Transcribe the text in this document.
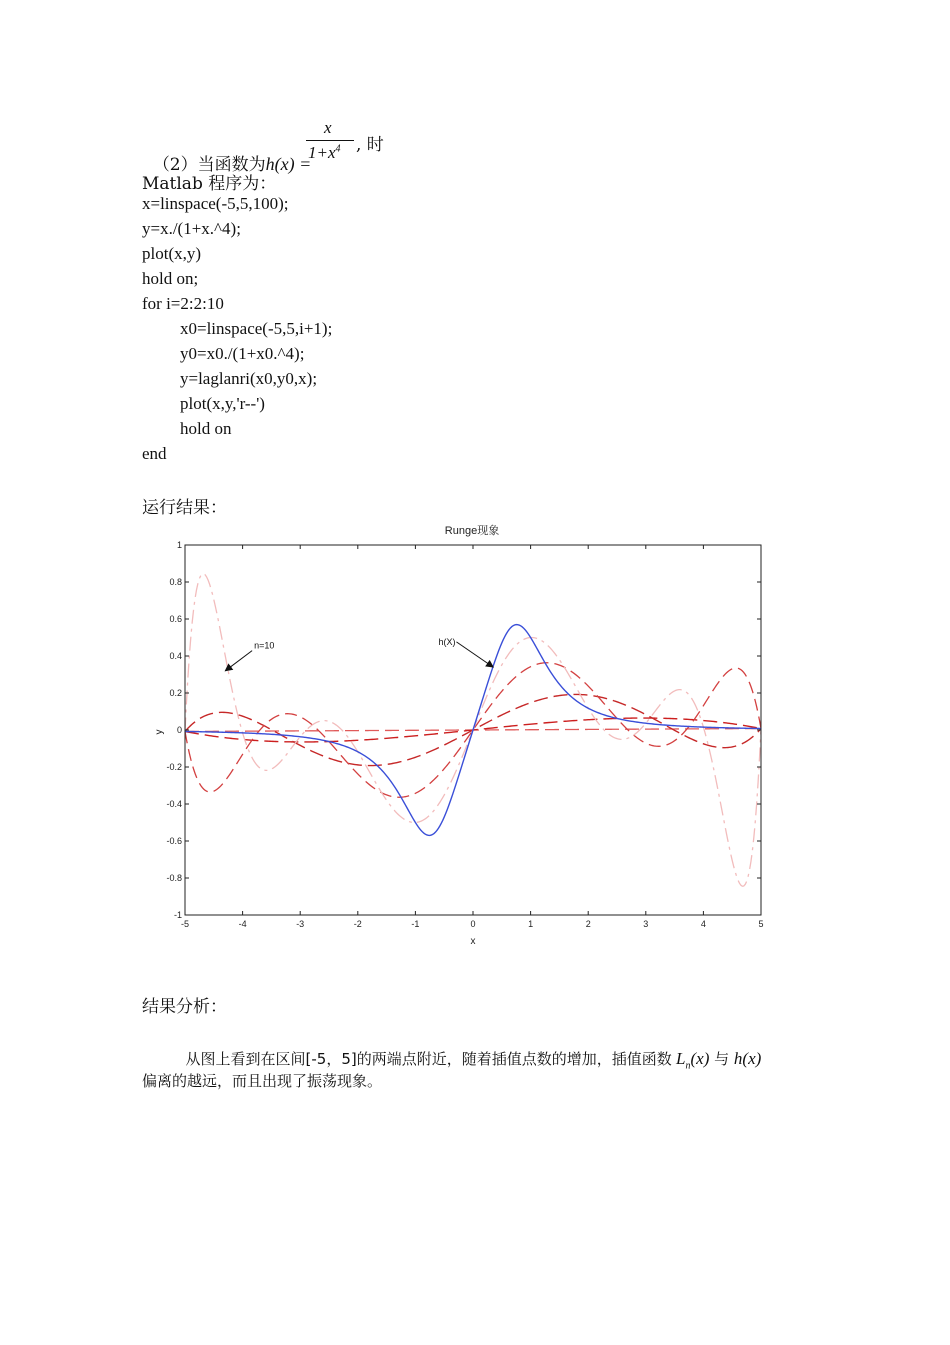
（2）当函数为h(x) =

x
$1+x^4$ , 时
Matlab 程序为：
x=linspace(-5,5,100);
y=x./(1+x.^4);
plot(x,y)
hold on;
for i=2:2:10
x0=linspace(-5,5,i+1);
y0=x0./(1+x0.^4);
y=laglanri(x0,y0,x);
plot(x,y,'r--')
hold on
end
运行结果：
Runge现象
-5	-4	-3	-2	-1	0	1	2	3	4	5
-1
-0.8
-0.6
-0.4
-0.2
0
0.2
0.4
0.6
0.8
1
x
y
n=10	h(X)
结果分析：

从图上看到在区间[-5，5]的两端点附近，随着插值点数的增加，插值函数 $L_n(x)$ 与 h(x)

偏离的越远，而且出现了振荡现象。
